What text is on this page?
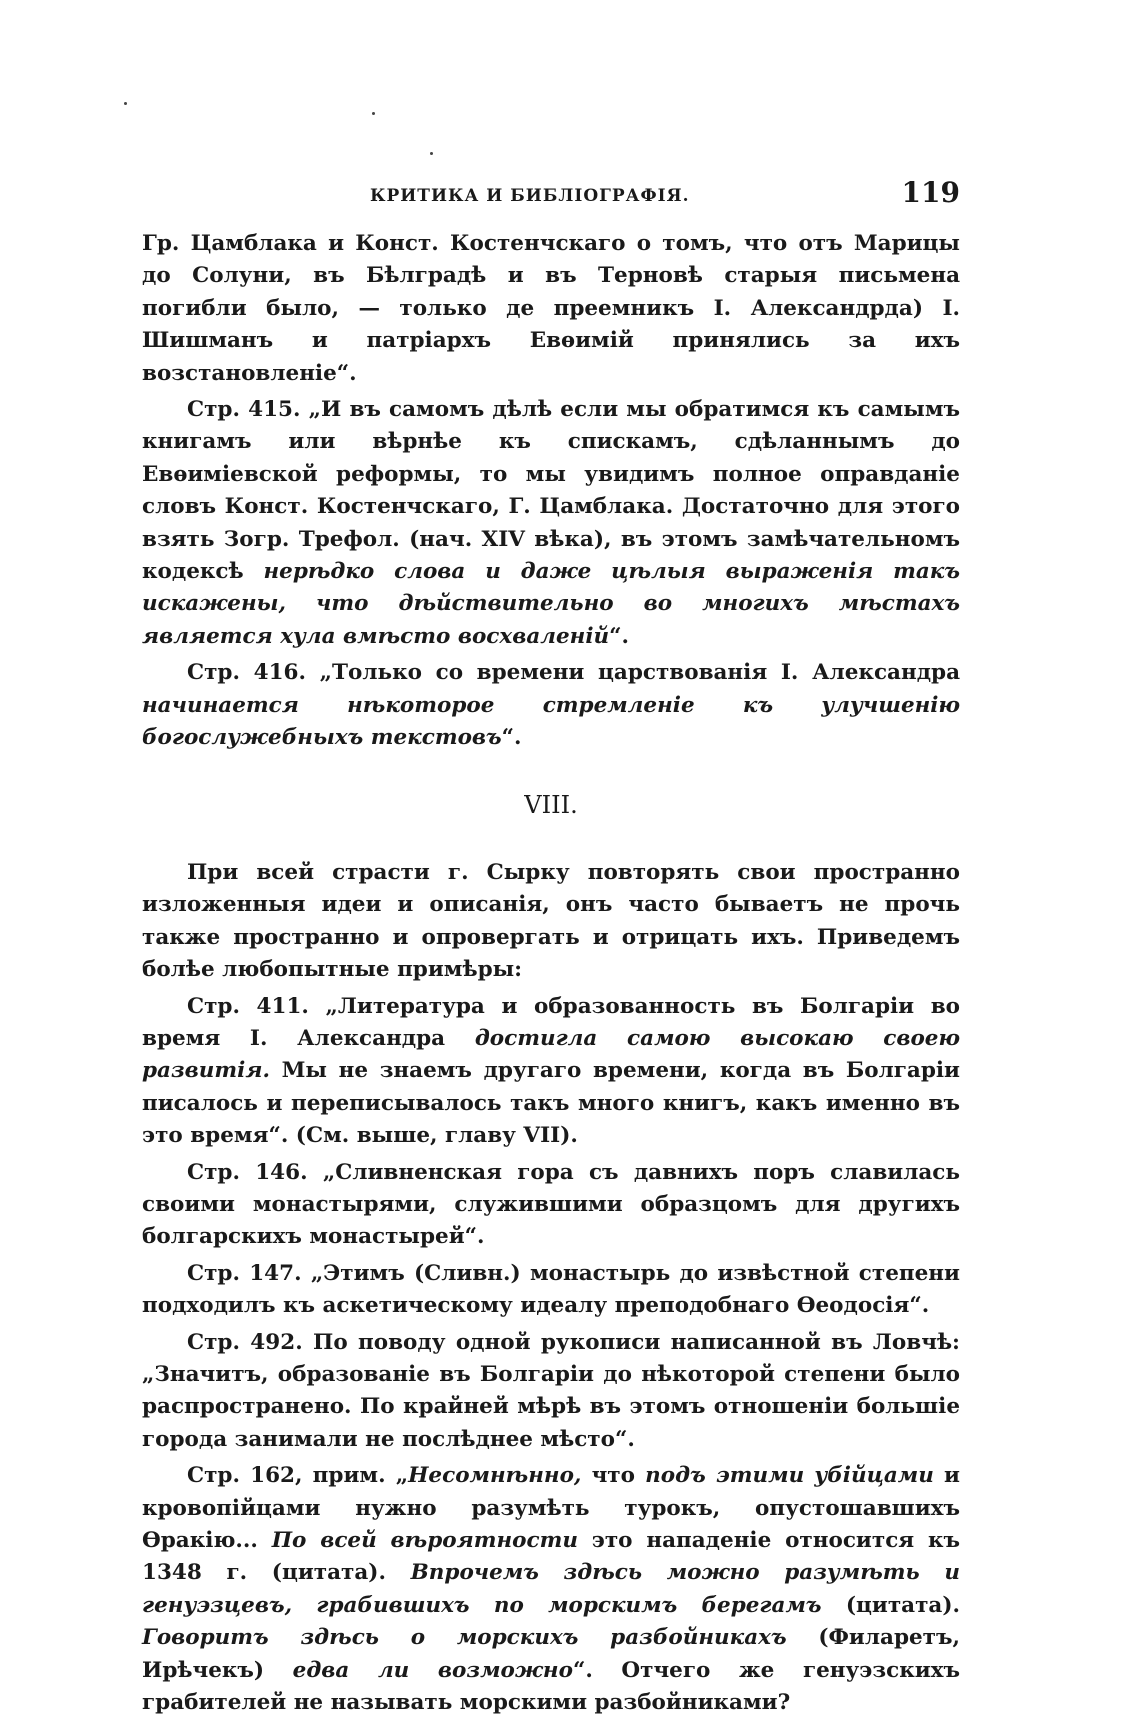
КРИТИКА И БИБЛІОГРАФІЯ.	119

Гр. Цамблака и Конст. Костенчскаго о томъ, что отъ Марицы до Солуни, въ Бѣлградѣ и въ Терновѣ старыя письмена погибли было, — только де преемникъ I. Александрда) I. Шишманъ и патріархъ Евѳимій принялись за ихъ возстановленіе“.

Стр. 415. „И въ самомъ дѣлѣ если мы обратимся къ самымъ книгамъ или вѣрнѣе къ спискамъ, сдѣланнымъ до Евѳиміевской реформы, то мы увидимъ полное оправданіе словъ Конст. Костенчскаго, Г. Цамблака. Достаточно для этого взять Зогр. Трефол. (нач. XIV вѣка), въ этомъ замѣчательномъ кодексѣ нерѣдко слова и даже цѣлыя выраженія такъ искажены, что дѣйствительно во многихъ мѣстахъ является хула вмѣсто восхваленій“.

Стр. 416. „Только со времени царствованія I. Александра начинается нѣкоторое стремленіе къ улучшенію богослужебныхъ текстовъ“.

VIII.

При всей страсти г. Сырку повторять свои пространно изложенныя идеи и описанія, онъ часто бываетъ не прочь также пространно и опровергать и отрицать ихъ. Приведемъ болѣе любопытные примѣры:

Стр. 411. „Литература и образованность въ Болгаріи во время I. Александра достигла самою высокаю своею развитія. Мы не знаемъ другаго времени, когда въ Болгаріи писалось и переписывалось такъ много книгъ, какъ именно въ это время“. (См. выше, главу VII).

Стр. 146. „Сливненская гора съ давнихъ поръ славилась своими монастырями, служившими образцомъ для другихъ болгарскихъ монастырей“.

Стр. 147. „Этимъ (Сливн.) монастырь до извѣстной степени подходилъ къ аскетическому идеалу преподобнаго Ѳеодосія“.

Стр. 492. По поводу одной рукописи написанной въ Ловчѣ: „Значитъ, образованіе въ Болгаріи до нѣкоторой степени было распространено. По крайней мѣрѣ въ этомъ отношеніи большіе города занимали не послѣднее мѣсто“.

Стр. 162, прим. „Несомнѣнно, что подъ этими убійцами и кровопійцами нужно разумѣть турокъ, опустошавшихъ Ѳракію... По всей вѣроятности это нападеніе относится къ 1348 г. (цитата). Впрочемъ здѣсь можно разумѣть и генуэзцевъ, грабившихъ по морскимъ берегамъ (цитата). Говоритъ здѣсь о морскихъ разбойникахъ (Филаретъ, Ирѣчекъ) едва ли возможно“. Отчего же генуэзскихъ грабителей не называть морскими разбойниками?
